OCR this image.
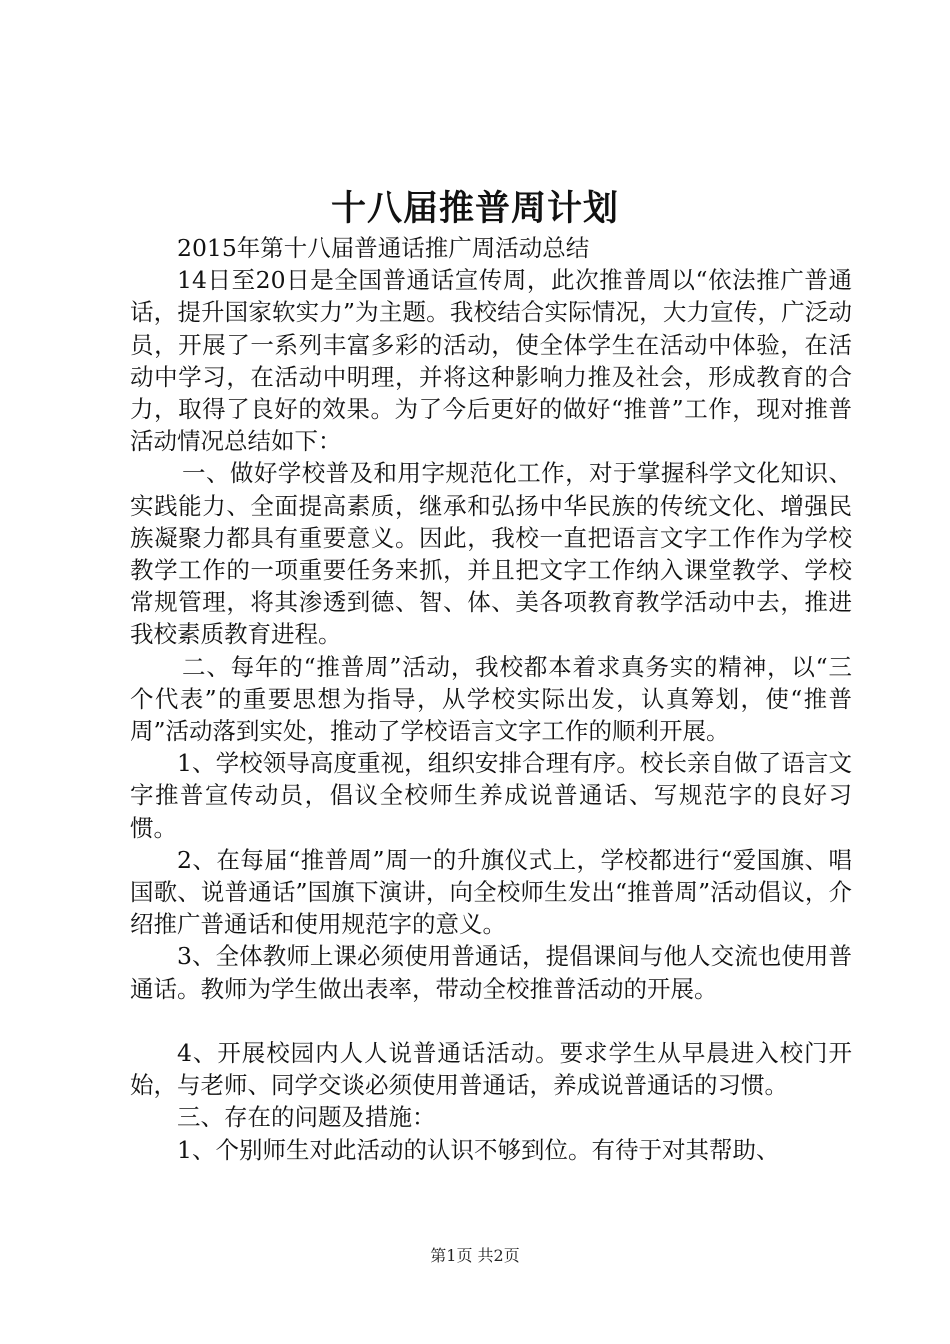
十八届推普周计划

2015年第十八届普通话推广周活动总结

14日至20日是全国普通话宣传周，此次推普周以“依法推广普通话，提升国家软实力”为主题。我校结合实际情况，大力宣传，广泛动员，开展了一系列丰富多彩的活动，使全体学生在活动中体验，在活动中学习，在活动中明理，并将这种影响力推及社会，形成教育的合力，取得了良好的效果。为了今后更好的做好“推普”工作，现对推普活动情况总结如下：

一、做好学校普及和用字规范化工作，对于掌握科学文化知识、实践能力、全面提高素质，继承和弘扬中华民族的传统文化、增强民族凝聚力都具有重要意义。因此，我校一直把语言文字工作作为学校教学工作的一项重要任务来抓，并且把文字工作纳入课堂教学、学校常规管理，将其渗透到德、智、体、美各项教育教学活动中去，推进我校素质教育进程。

二、每年的“推普周”活动，我校都本着求真务实的精神，以“三个代表”的重要思想为指导，从学校实际出发，认真筹划，使“推普周”活动落到实处，推动了学校语言文字工作的顺利开展。

1、学校领导高度重视，组织安排合理有序。校长亲自做了语言文字推普宣传动员，倡议全校师生养成说普通话、写规范字的良好习惯。

2、在每届“推普周”周一的升旗仪式上，学校都进行“爱国旗、唱国歌、说普通话”国旗下演讲，向全校师生发出“推普周”活动倡议，介绍推广普通话和使用规范字的意义。

3、全体教师上课必须使用普通话，提倡课间与他人交流也使用普通话。教师为学生做出表率，带动全校推普活动的开展。

4、开展校园内人人说普通话活动。要求学生从早晨进入校门开始，与老师、同学交谈必须使用普通话，养成说普通话的习惯。

三、存在的问题及措施：

1、个别师生对此活动的认识不够到位。有待于对其帮助、

第1页 共2页
